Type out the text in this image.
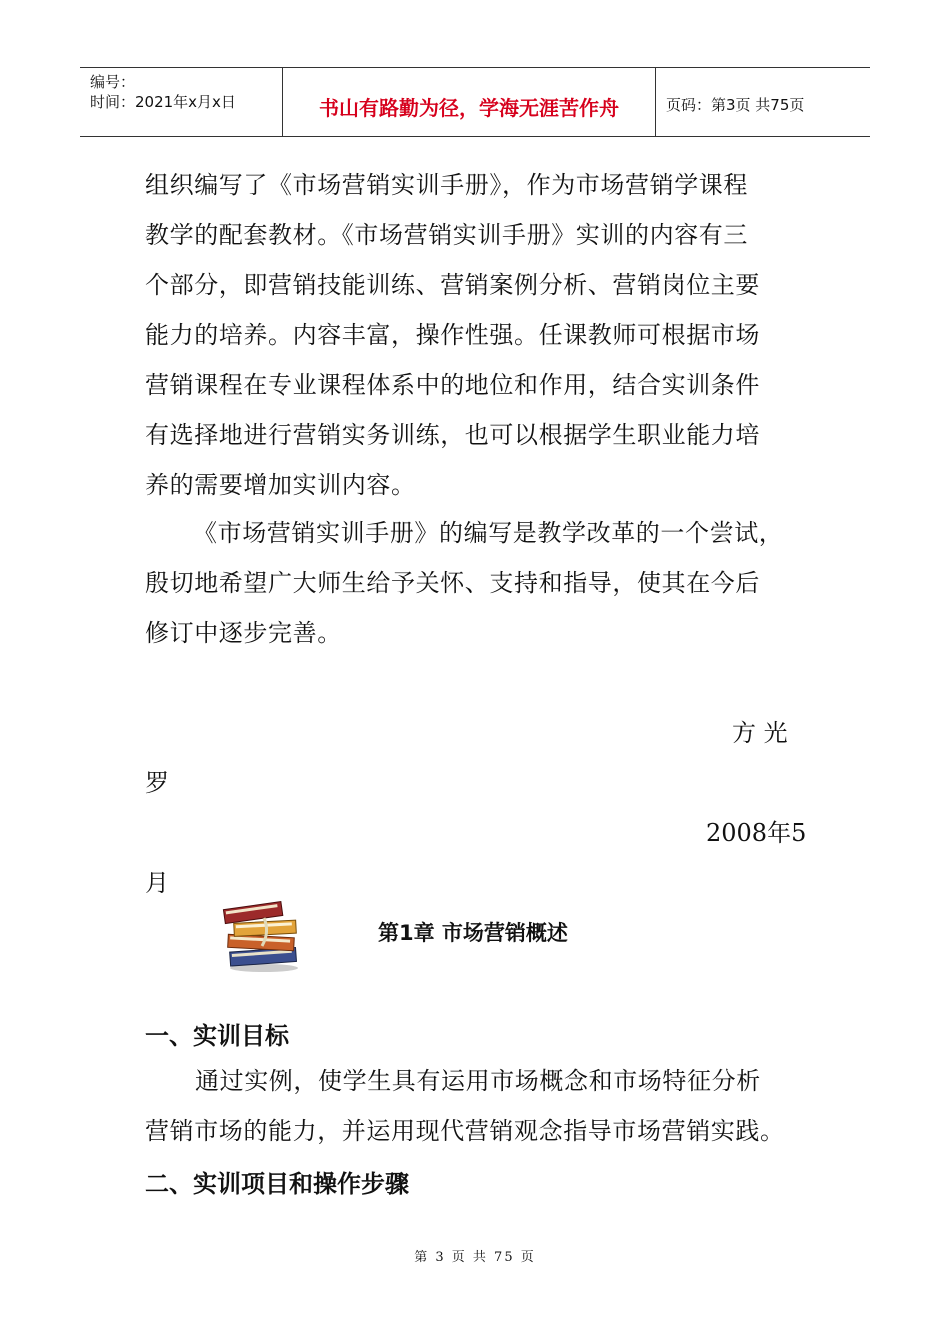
编号：
时间：2021年x月x日	书山有路勤为径，学海无涯苦作舟	页码：第3页 共75页
组织编写了《市场营销实训手册》，作为市场营销学课程
教学的配套教材。《市场营销实训手册》实训的内容有三
个部分，即营销技能训练、营销案例分析、营销岗位主要
能力的培养。内容丰富，操作性强。任课教师可根据市场
营销课程在专业课程体系中的地位和作用，结合实训条件
有选择地进行营销实务训练，也可以根据学生职业能力培
养的需要增加实训内容。
《市场营销实训手册》的编写是教学改革的一个尝试，
殷切地希望广大师生给予关怀、支持和指导，使其在今后
修订中逐步完善。
方 光
罗
2008年5
月
第1章 市场营销概述
一、实训目标
通过实例，使学生具有运用市场概念和市场特征分析
营销市场的能力，并运用现代营销观念指导市场营销实践。
二、实训项目和操作步骤
第 3 页 共 75 页
